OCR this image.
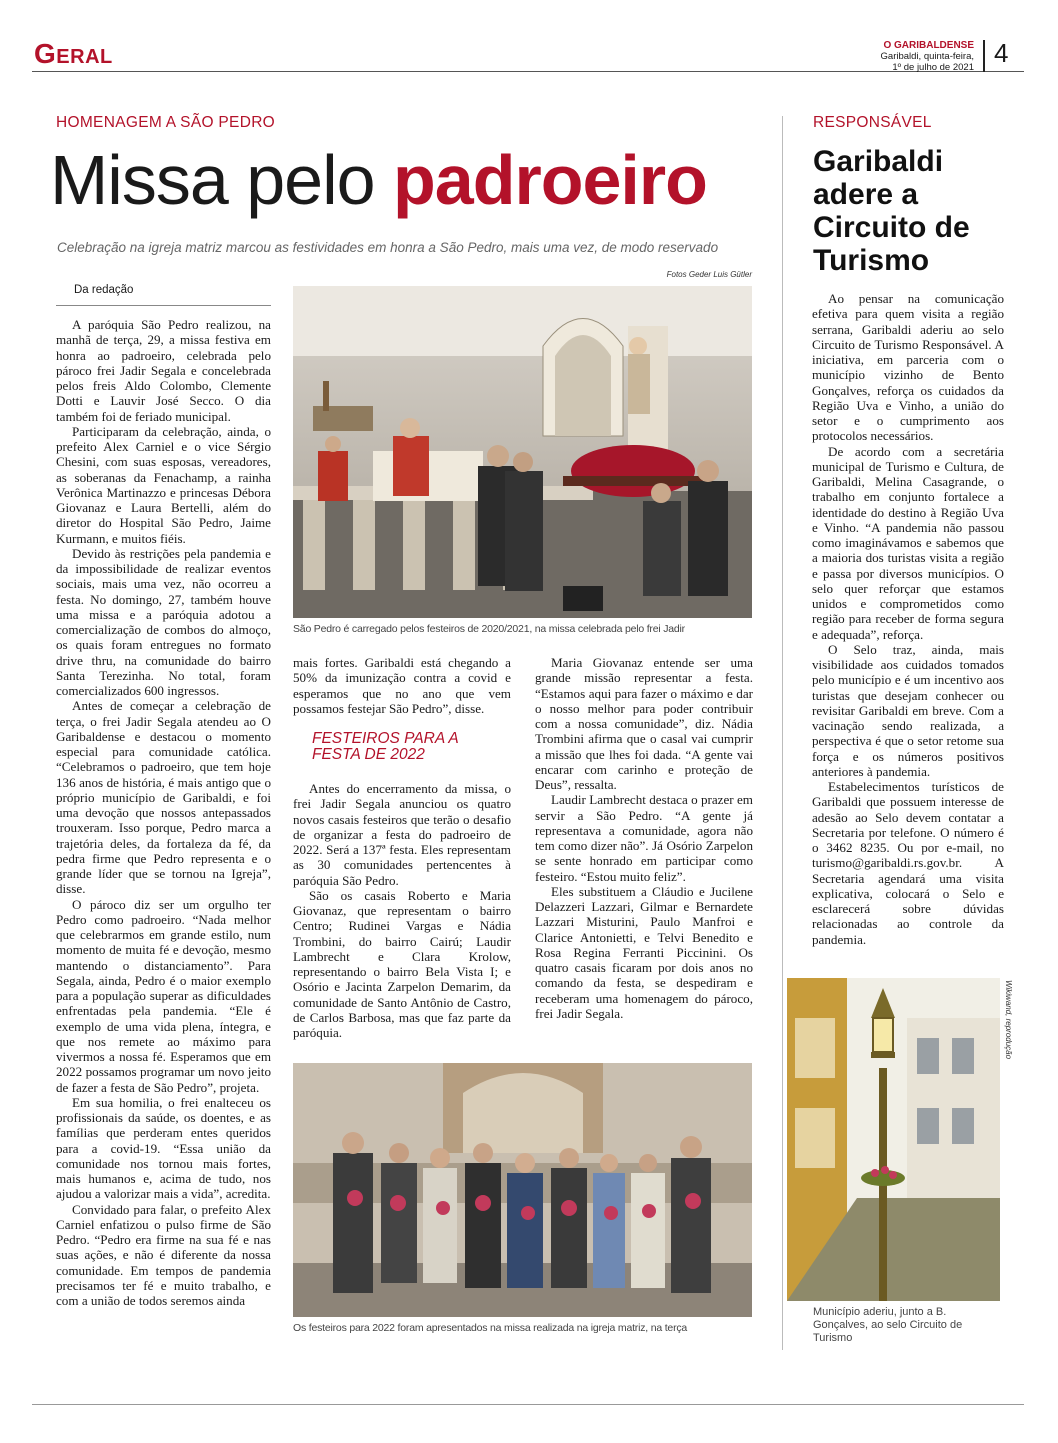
Geral	O GARIBALDENSE
Garibaldi, quinta-feira,
1º de julho de 2021 4
HOMENAGEM A SÃO PEDRO
Missa pelo padroeiro
Celebração na igreja matriz marcou as festividades em honra a São Pedro, mais uma vez, de modo reservado
Fotos Geder Luis Gütler
Da redação

A paróquia São Pedro realizou, na manhã de terça, 29, a missa festiva em honra ao padroeiro, celebrada pelo pároco frei Jadir Segala e concelebrada pelos freis Aldo Colombo, Clemente Dotti e Lauvir José Secco. O dia também foi de feriado municipal.

Participaram da celebração, ainda, o prefeito Alex Carniel e o vice Sérgio Chesini, com suas esposas, vereadores, as soberanas da Fenachamp, a rainha Verônica Martinazzo e princesas Débora Giovanaz e Laura Bertelli, além do diretor do Hospital São Pedro, Jaime Kurmann, e muitos fiéis.

Devido às restrições pela pandemia e da impossibilidade de realizar eventos sociais, mais uma vez, não ocorreu a festa. No domingo, 27, também houve uma missa e a paróquia adotou a comercialização de combos do almoço, os quais foram entregues no formato drive thru, na comunidade do bairro Santa Terezinha. No total, foram comercializados 600 ingressos.

Antes de começar a celebração de terça, o frei Jadir Segala atendeu ao O Garibaldense e destacou o momento especial para comunidade católica. “Celebramos o padroeiro, que tem hoje 136 anos de história, é mais antigo que o próprio município de Garibaldi, e foi uma devoção que nossos antepassados trouxeram. Isso porque, Pedro marca a trajetória deles, da fortaleza da fé, da pedra firme que Pedro representa e o grande líder que se tornou na Igreja”, disse.

O pároco diz ser um orgulho ter Pedro como padroeiro. “Nada melhor que celebrarmos em grande estilo, num momento de muita fé e devoção, mesmo mantendo o distanciamento”. Para Segala, ainda, Pedro é o maior exemplo para a população superar as dificuldades enfrentadas pela pandemia. “Ele é exemplo de uma vida plena, íntegra, e que nos remete ao máximo para vivermos a nossa fé. Esperamos que em 2022 possamos programar um novo jeito de fazer a festa de São Pedro”, projeta.

Em sua homilia, o frei enalteceu os profissionais da saúde, os doentes, e as famílias que perderam entes queridos para a covid-19. “Essa união da comunidade nos tornou mais fortes, mais humanos e, acima de tudo, nos ajudou a valorizar mais a vida”, acredita.

Convidado para falar, o prefeito Alex Carniel enfatizou o pulso firme de São Pedro. “Pedro era firme na sua fé e nas suas ações, e não é diferente da nossa comunidade. Em tempos de pandemia precisamos ter fé e muito trabalho, e com a união de todos seremos ainda

São Pedro é carregado pelos festeiros de 2020/2021, na missa celebrada pelo frei Jadir

mais fortes. Garibaldi está chegando a 50% da imunização contra a covid e esperamos que no ano que vem possamos festejar São Pedro”, disse.

FESTEIROS PARA A FESTA DE 2022

Antes do encerramento da missa, o frei Jadir Segala anunciou os quatro novos casais festeiros que terão o desafio de organizar a festa do padroeiro de 2022. Será a 137ª festa. Eles representam as 30 comunidades pertencentes à paróquia São Pedro.

São os casais Roberto e Maria Giovanaz, que representam o bairro Centro; Rudinei Vargas e Nádia Trombini, do bairro Cairú; Laudir Lambrecht e Clara Krolow, representando o bairro Bela Vista I; e Osório e Jacinta Zarpelon Demarim, da comunidade de Santo Antônio de Castro, de Carlos Barbosa, mas que faz parte da paróquia.

Maria Giovanaz entende ser uma grande missão representar a festa. “Estamos aqui para fazer o máximo e dar o nosso melhor para poder contribuir com a nossa comunidade”, diz. Nádia Trombini afirma que o casal vai cumprir a missão que lhes foi dada. “A gente vai encarar com carinho e proteção de Deus”, ressalta.

Laudir Lambrecht destaca o prazer em servir a São Pedro. “A gente já representava a comunidade, agora não tem como dizer não”. Já Osório Zarpelon se sente honrado em participar como festeiro. “Estou muito feliz”.

Eles substituem a Cláudio e Jucilene Delazzeri Lazzari, Gilmar e Bernardete Lazzari Misturini, Paulo Manfroi e Clarice Antonietti, e Telvi Benedito e Rosa Regina Ferranti Piccinini. Os quatro casais ficaram por dois anos no comando da festa, se despediram e receberam uma homenagem do pároco, frei Jadir Segala.

Os festeiros para 2022 foram apresentados na missa realizada na igreja matriz, na terça
RESPONSÁVEL
Garibaldi
adere a
Circuito de
Turismo

Ao pensar na comunicação efetiva para quem visita a região serrana, Garibaldi aderiu ao selo Circuito de Turismo Responsável. A iniciativa, em parceria com o município vizinho de Bento Gonçalves, reforça os cuidados da Região Uva e Vinho, a união do setor e o cumprimento aos protocolos necessários.

De acordo com a secretária municipal de Turismo e Cultura, de Garibaldi, Melina Casagrande, o trabalho em conjunto fortalece a identidade do destino à Região Uva e Vinho. “A pandemia não passou como imaginávamos e sabemos que a maioria dos turistas visita a região e passa por diversos municípios. O selo quer reforçar que estamos unidos e comprometidos como região para receber de forma segura e adequada”, reforça.

O Selo traz, ainda, mais visibilidade aos cuidados tomados pelo município e é um incentivo aos turistas que desejam conhecer ou revisitar Garibaldi em breve. Com a vacinação sendo realizada, a perspectiva é que o setor retome sua força e os números positivos anteriores à pandemia.

Estabelecimentos turísticos de Garibaldi que possuem interesse de adesão ao Selo devem contatar a Secretaria por telefone. O número é o 3462 8235. Ou por e-mail, no turismo@garibaldi.rs.gov.br. A Secretaria agendará uma visita explicativa, colocará o Selo e esclarecerá sobre dúvidas relacionadas ao controle da pandemia.

Wikiwand, reprodução
Município aderiu, junto a B. Gonçalves, ao selo Circuito de Turismo
